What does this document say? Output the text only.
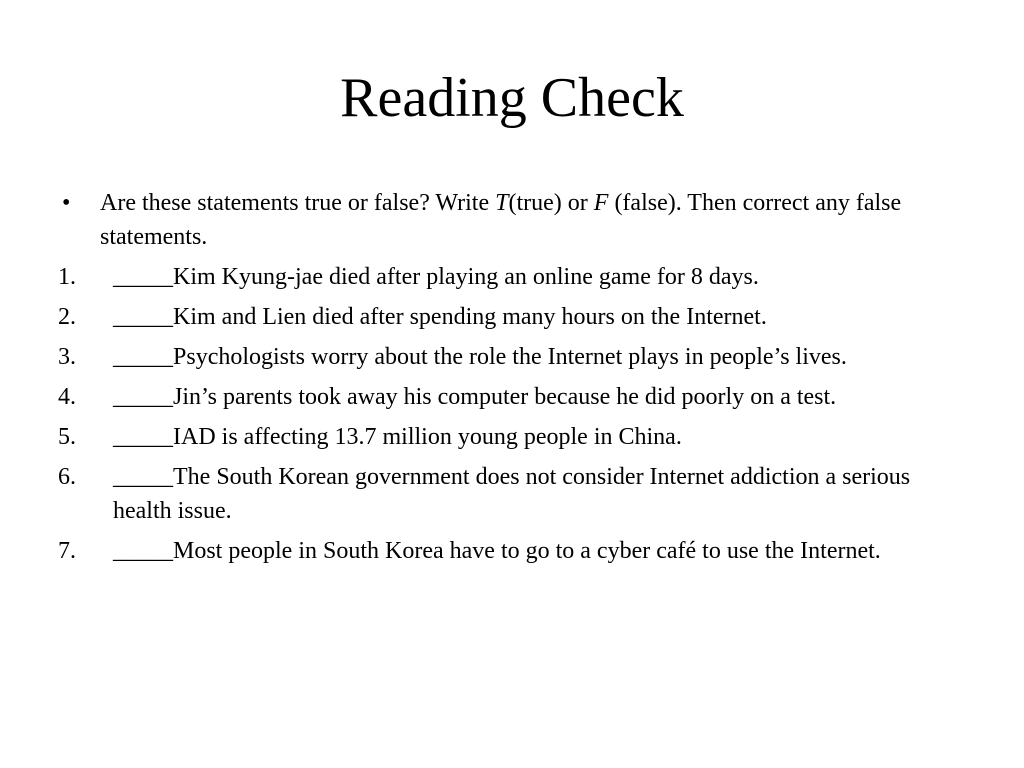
Reading Check
• Are these statements true or false? Write T(true) or F (false). Then correct any false statements.
1. _____Kim Kyung-jae died after playing an online game for 8 days.
2. _____Kim and Lien died after spending many hours on the Internet.
3. _____Psychologists worry about the role the Internet plays in people’s lives.
4. _____Jin’s parents took away his computer because he did poorly on a test.
5. _____IAD is affecting 13.7 million young people in China.
6. _____The South Korean government does not consider Internet addiction a serious health issue.
7. _____Most people in South Korea have to go to a cyber café to use the Internet.
